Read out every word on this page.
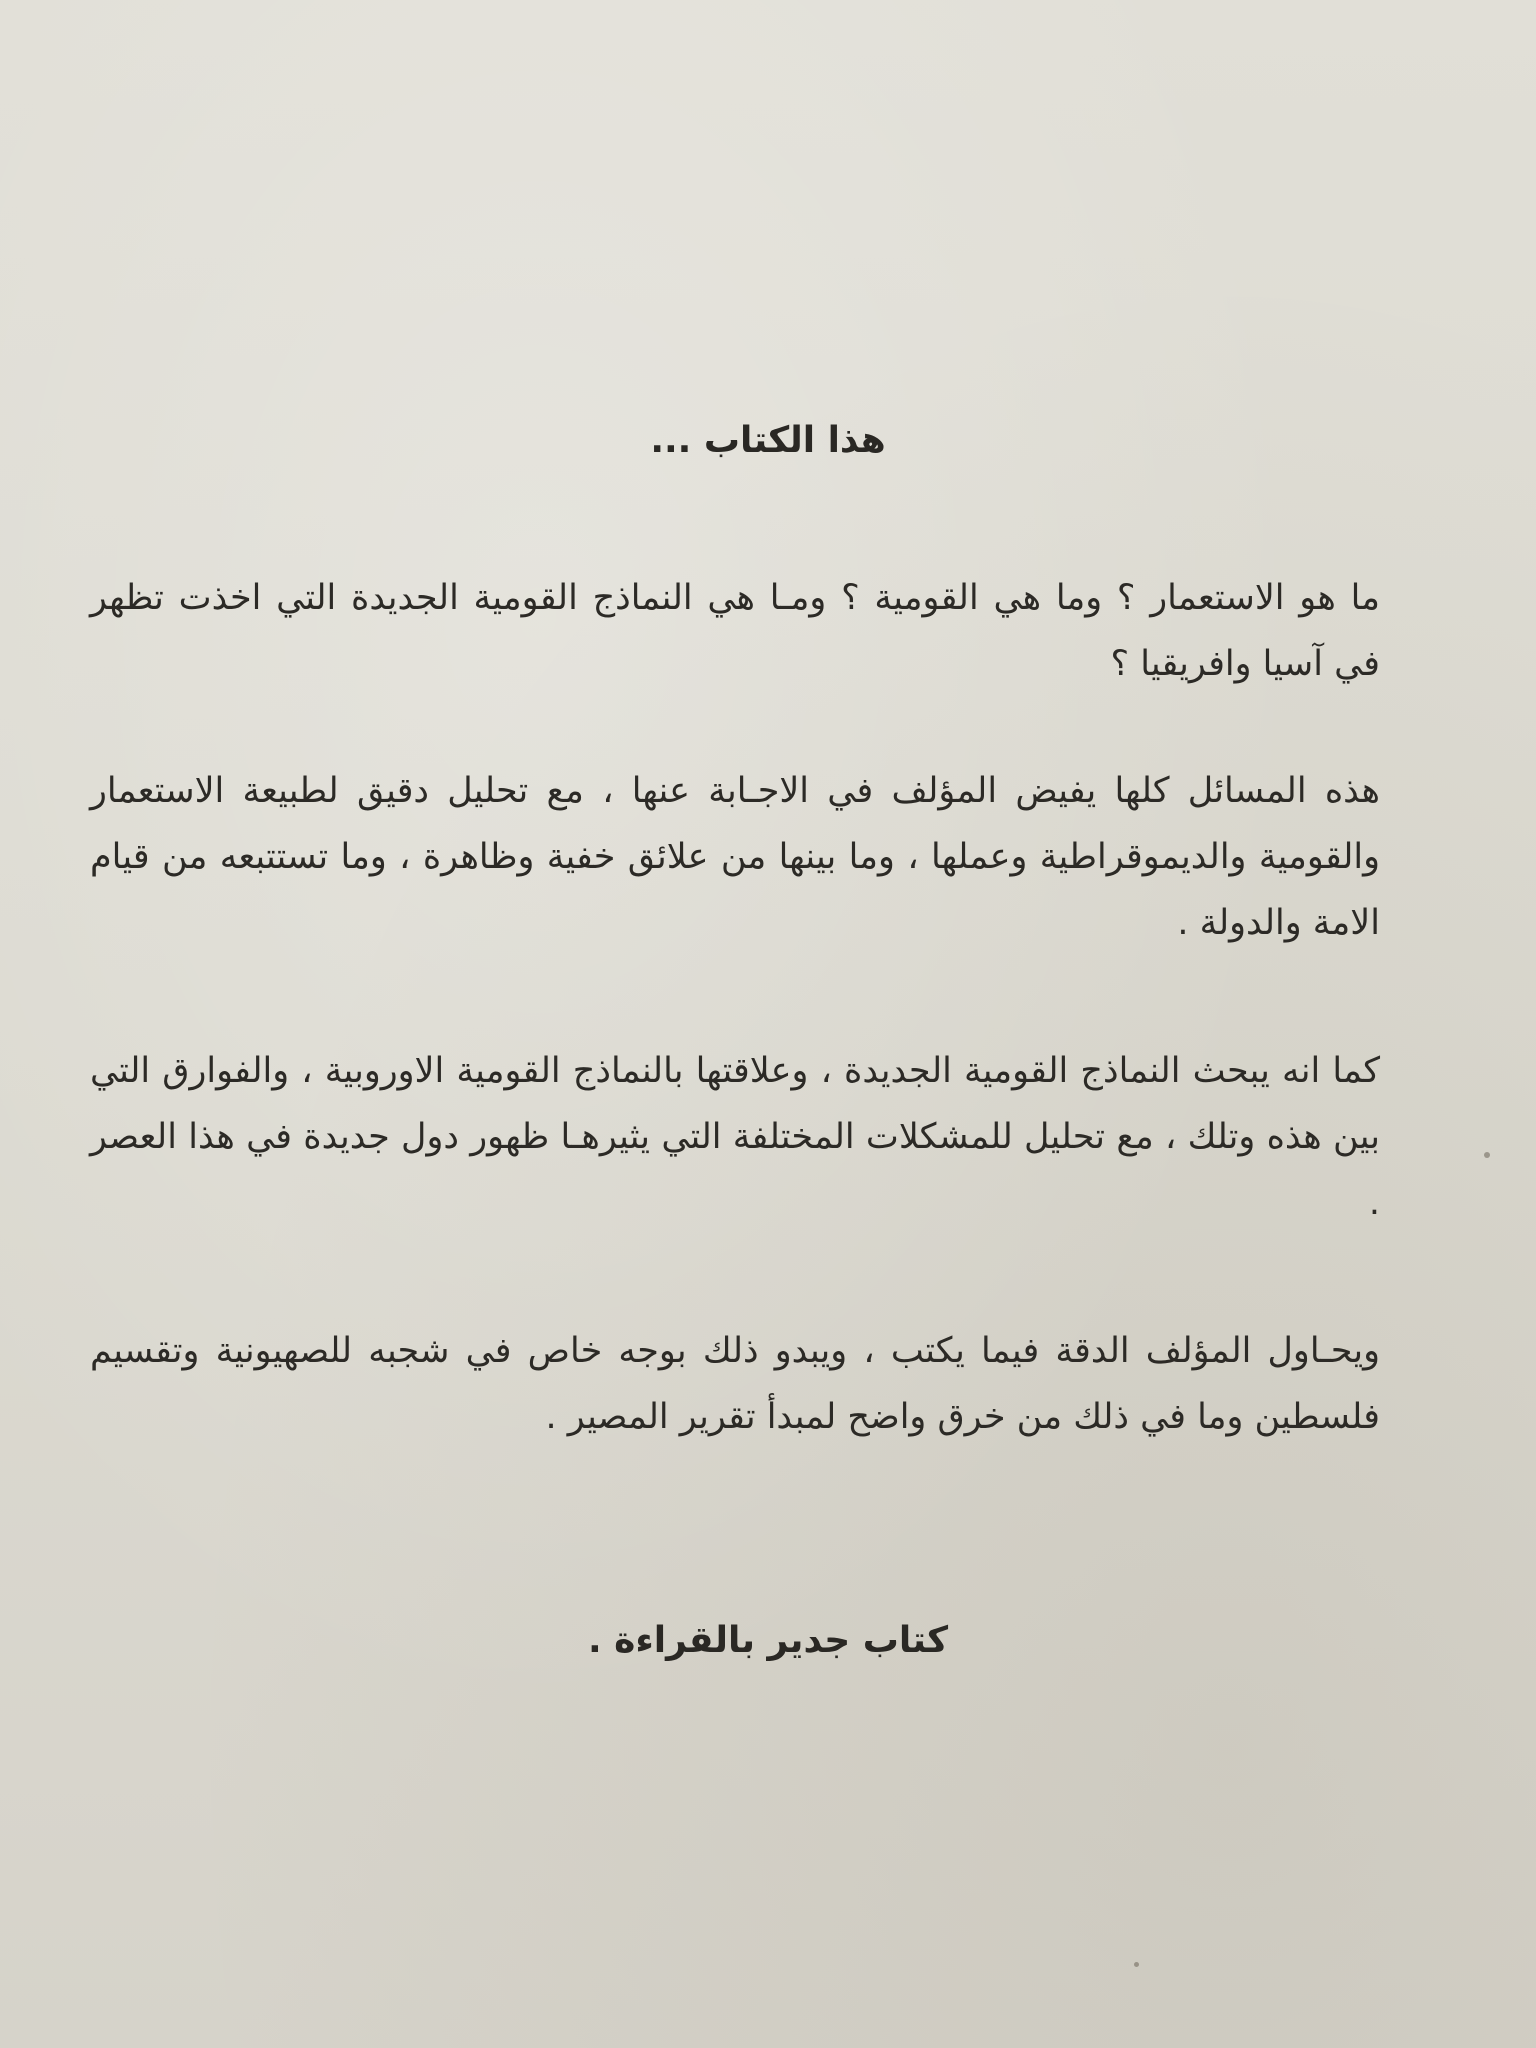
هذا الكتاب ...
ما هو الاستعمار ؟ وما هي القومية ؟ ومـا هي النماذج القومية الجديدة التي اخذت تظهر في آسيا وافريقيا ؟
هذه المسائل كلها يفيض المؤلف في الاجـابة عنها ، مع تحليل دقيق لطبيعة الاستعمار والقومية والديموقراطية وعملها ، وما بينها من علائق خفية وظاهرة ، وما تستتبعه من قيام الامة والدولة .
كما انه يبحث النماذج القومية الجديدة ، وعلاقتها بالنماذج القومية الاوروبية ، والفوارق التي بين هذه وتلك ، مع تحليل للمشكلات المختلفة التي يثيرهـا ظهور دول جديدة في هذا العصر .
ويحـاول المؤلف الدقة فيما يكتب ، ويبدو ذلك بوجه خاص في شجبه للصهيونية وتقسيم فلسطين وما في ذلك من خرق واضح لمبدأ تقرير المصير .
كتاب جدير بالقراءة .
